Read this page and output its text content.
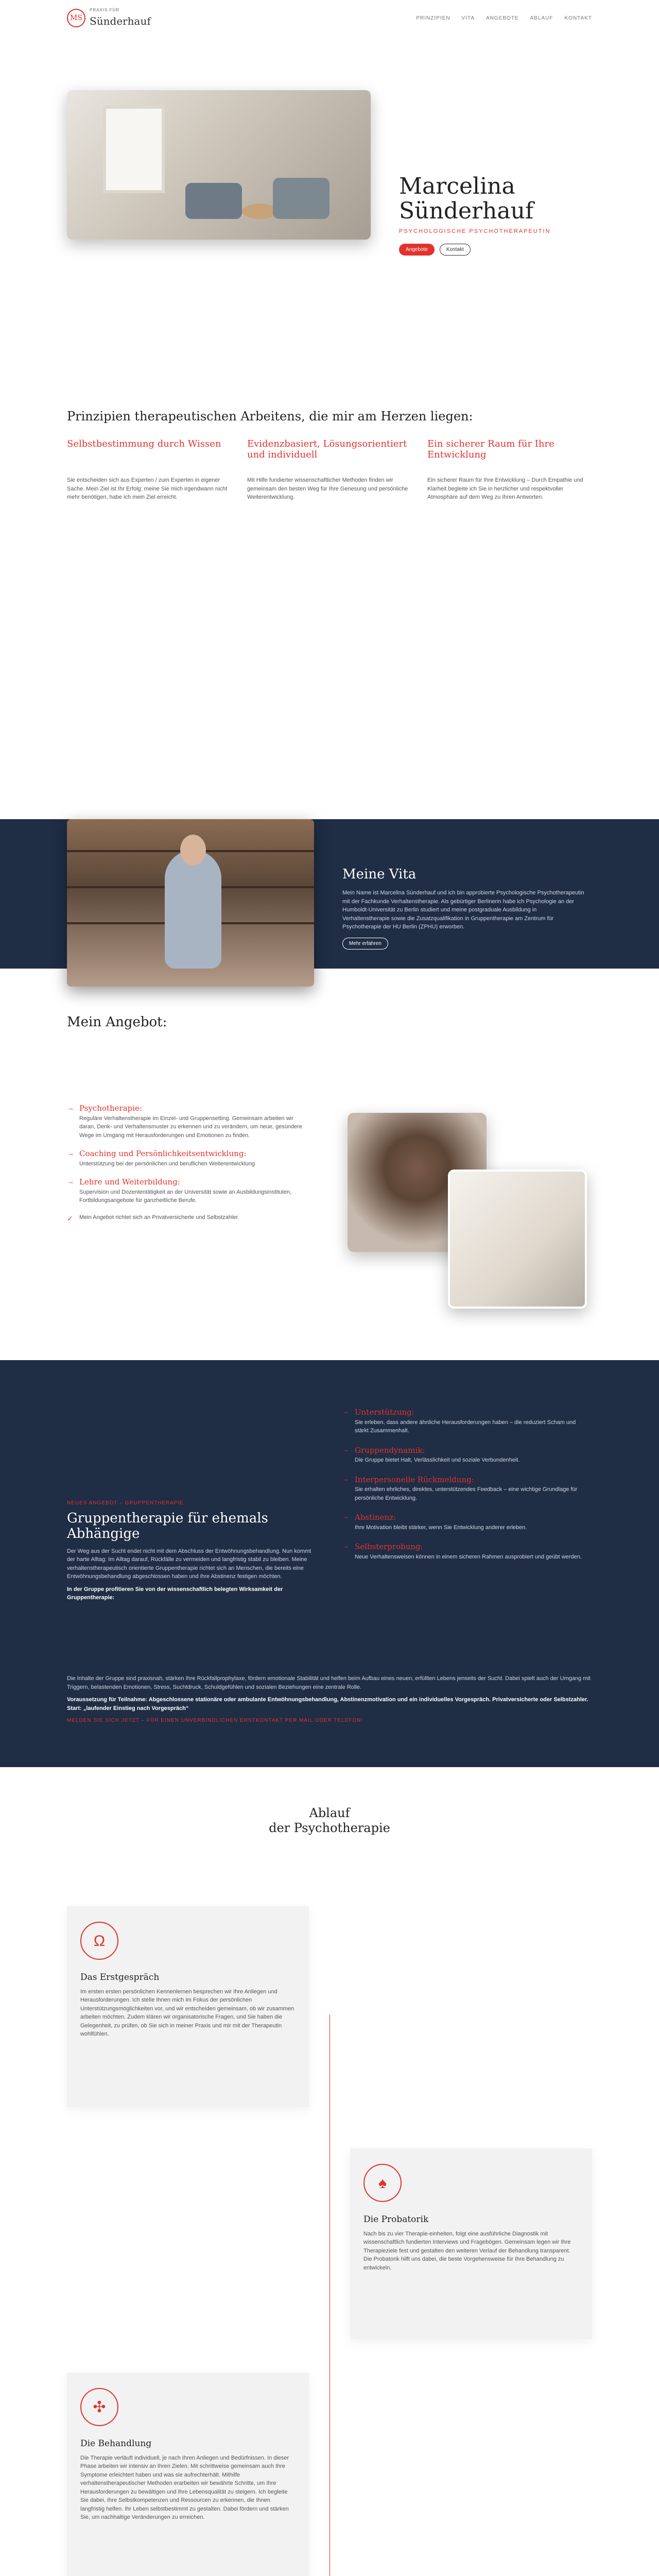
MS
PRAXIS FÜR
Sünderhauf	PRINZIPIEN VITA ANGEBOTE ABLAUF KONTAKT
Marcelina
Sünderhauf
PSYCHOLOGISCHE PSYCHOTHERAPEUTIN
Angebote	Kontakt
Prinzipien therapeutischen Arbeitens, die mir am Herzen liegen:
Selbstbestimmung durch Wissen

Sie entscheiden sich aus Experten / zum Experten in eigener Sache. Mein Ziel ist Ihr Erfolg: meine Sie mich irgendwann nicht mehr benötigen, habe ich mein Ziel erreicht.

Evidenzbasiert, Lösungsorientiert und individuell

Mit Hilfe fundierter wissenschaftlicher Methoden finden wir gemeinsam den besten Weg für Ihre Genesung und persönliche Weiterentwicklung.

Ein sicherer Raum für Ihre Entwicklung

Ein sicherer Raum für Ihre Entwicklung – Durch Empathie und Klarheit begleite ich Sie in herzlicher und respektvoller Atmosphäre auf dem Weg zu Ihren Antworten.

Meine Vita

Mein Name ist Marcelina Sünderhauf und ich bin approbierte Psychologische Psychotherapeutin mit der Fachkunde Verhaltenstherapie. Als gebürtiger Berlinerin habe ich Psychologie an der Humboldt-Universität zu Berlin studiert und meine postgraduale Ausbildung in Verhaltenstherapie sowie die Zusatzqualifikation in Gruppentherapie am Zentrum für Psychotherapie der HU Berlin (ZPHU) erworben.

Mehr erfahren
Mein Angebot:
→ Psychotherapie:

Reguläre Verhaltenstherapie im Einzel- und Gruppensetting. Gemeinsam arbeiten wir daran, Denk- und Verhaltensmuster zu erkennen und zu verändern, um neue, gesündere Wege im Umgang mit Herausforderungen und Emotionen zu finden.

→ Coaching und Persönlichkeitsentwicklung:

Unterstützung bei der persönlichen und beruflichen Weiterentwicklung

→ Lehre und Weiterbildung:

Supervision und Dozententätigkeit an der Universität sowie an Ausbildungsinstituten, Fortbildungsangebote für ganzheitliche Berufe.

✓ Mein Angebot richtet sich an Privatversicherte und Selbstzahler.

NEUES ANGEBOT – GRUPPENTHERAPIE
Gruppentherapie für ehemals Abhängige

Der Weg aus der Sucht endet nicht mit dem Abschluss der Entwöhnungsbehandlung. Nun kommt der harte Alltag: Im Alltag darauf, Rückfälle zu vermeiden und langfristig stabil zu bleiben. Meine verhaltenstherapeutisch orientierte Gruppentherapie richtet sich an Menschen, die bereits eine Entwöhnungsbehandlung abgeschlossen haben und ihre Abstinenz festigen möchten.

In der Gruppe profitieren Sie von der wissenschaftlich belegten Wirksamkeit der Gruppentherapie:

→ Unterstützung:

Sie erleben, dass andere ähnliche Herausforderungen haben – die reduziert Scham und stärkt Zusammenhalt.

→ Gruppendynamik:

Die Gruppe bietet Halt, Verlässlichkeit und soziale Verbundenheit.

→ Interpersonelle Rückmeldung:

Sie erhalten ehrliches, direktes, unterstützendes Feedback – eine wichtige Grundlage für persönliche Entwicklung.

→ Abstinenz:

Ihre Motivation bleibt stärker, wenn Sie Entwicklung anderer erleben.

→ Selbsterprobung:

Neue Verhaltensweisen können in einem sicheren Rahmen ausprobiert und geübt werden.

Die Inhalte der Gruppe sind praxisnah, stärken Ihre Rückfallprophylaxe, fördern emotionale Stabilität und helfen beim Aufbau eines neuen, erfüllten Lebens jenseits der Sucht. Dabei spielt auch der Umgang mit Triggern, belastenden Emotionen, Stress, Suchtdruck, Schuldgefühlen und sozialen Beziehungen eine zentrale Rolle.

Voraussetzung für Teilnahme: Abgeschlossene stationäre oder ambulante Entwöhnungsbehandlung, Abstinenzmotivation und ein individuelles Vorgespräch. Privatversicherte oder Selbstzahler. Start: „laufender Einstieg nach Vorgespräch“

MELDEN SIE SICH JETZT – FÜR EINEN UNVERBINDLICHEN ERSTKONTAKT PER MAIL ODER TELEFON!
Ablauf
der Psychotherapie
Ω
Das Erstgespräch

Im ersten ersten persönlichen Kennenlernen besprechen wir Ihre Anliegen und Herausforderungen. Ich stelle Ihnen mich im Fokus der persönlichen Unterstützungsmöglichkeiten vor, und wir entscheiden gemeinsam, ob wir zusammen arbeiten möchten. Zudem klären wir organisatorische Fragen, und Sie haben die Gelegenheit, zu prüfen, ob Sie sich in meiner Praxis und mir mit der Therapeutin wohlfühlen.

♠
Die Probatorik

Nach bis zu vier Therapie-einheiten, folgt eine ausführliche Diagnostik mit wissenschaftlich fundierten Interviews und Fragebögen. Gemeinsam legen wir Ihre Therapieziele fest und gestalten den weiteren Verlauf der Behandlung transparent. Die Probatorik hilft uns dabei, die beste Vorgehensweise für Ihre Behandlung zu entwickeln.

✣
Die Behandlung

Die Therapie verläuft individuell, je nach Ihren Anliegen und Bedürfnissen. In dieser Phase arbeiten wir intensiv an Ihren Zielen. Mit schrittweise gemeinsam auch Ihre Symptome erleichtert haben und was sie aufrechterhält. Mithilfe verhaltenstherapeutischer Methoden erarbeiten wir bewährte Schritte, um Ihre Herausforderungen zu bewältigen und Ihre Lebensqualität zu steigern. Ich begleite Sie dabei, Ihre Selbstkompetenzen und Ressourcen zu erkennen, die Ihnen langfristig helfen. Ihr Leben selbstbestimmt zu gestalten. Dabei fördern und stärken Sie, um nachhaltige Veränderungen zu erreichen.
